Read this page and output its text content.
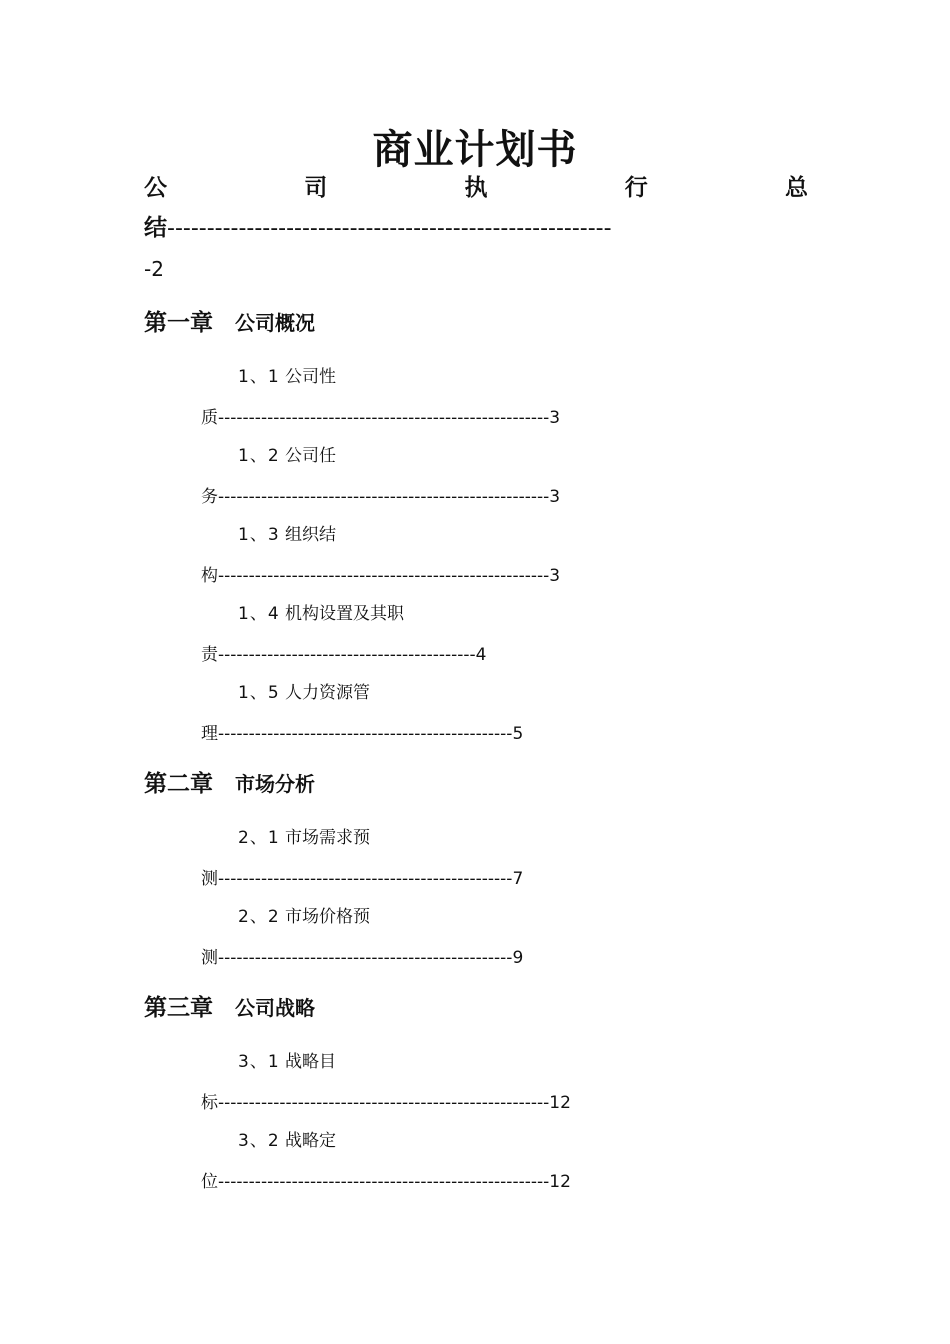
商业计划书
公	司	执	行	总
结--------------------------------------------------------
-2
第一章 公司概况
1、1 公司性
质------------------------------------------------------3
1、2 公司任
务------------------------------------------------------3
1、3 组织结
构------------------------------------------------------3
1、4 机构设置及其职
责------------------------------------------4
1、5 人力资源管
理------------------------------------------------5
第二章 市场分析
2、1 市场需求预
测------------------------------------------------7
2、2 市场价格预
测------------------------------------------------9
第三章 公司战略
3、1 战略目
标------------------------------------------------------12
3、2 战略定
位------------------------------------------------------12
